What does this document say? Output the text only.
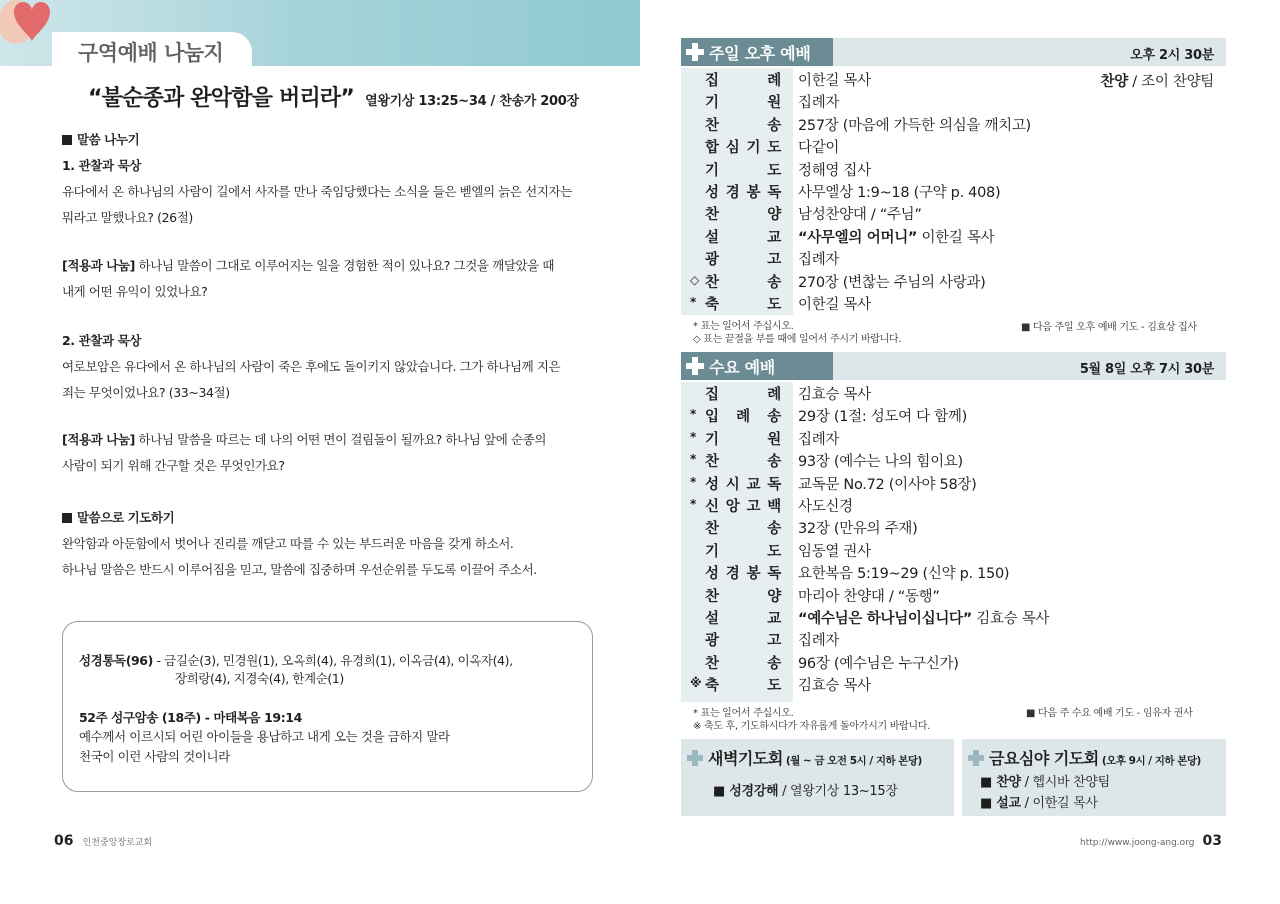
구역예배 나눔지
“불순종과 완악함을 버리라” 열왕기상 13:25~34 / 찬송가 200장
말씀 나누기
1. 관찰과 묵상
유다에서 온 하나님의 사람이 길에서 사자를 만나 죽임당했다는 소식을 들은 벧엘의 늙은 선지자는
뭐라고 말했나요? (26절)
[적용과 나눔] 하나님 말씀이 그대로 이루어지는 일을 경험한 적이 있나요? 그것을 깨달았을 때
내게 어떤 유익이 있었나요?
2. 관찰과 묵상
여로보암은 유다에서 온 하나님의 사람이 죽은 후에도 돌이키지 않았습니다. 그가 하나님께 지은
죄는 무엇이었나요? (33~34절)
[적용과 나눔] 하나님 말씀을 따르는 데 나의 어떤 면이 걸림돌이 될까요? 하나님 앞에 순종의
사람이 되기 위해 간구할 것은 무엇인가요?
말씀으로 기도하기
완악함과 아둔함에서 벗어나 진리를 깨닫고 따를 수 있는 부드러운 마음을 갖게 하소서.
하나님 말씀은 반드시 이루어짐을 믿고, 말씀에 집중하며 우선순위를 두도록 이끌어 주소서.
성경통독(96) - 금길순(3), 민경원(1), 오옥희(4), 유경희(1), 이옥금(4), 이옥자(4),
장희랑(4), 지경숙(4), 한계순(1)
52주 성구암송 (18주) - 마태복음 19:14
예수께서 이르시되 어린 아이들을 용납하고 내게 오는 것을 금하지 말라
천국이 이런 사람의 것이니라
06 인천중앙장로교회
주일 오후 예배	오후 2시 30분
찬양 / 조이 찬양팀
집	례 이한길 목사
기	원 집례자
찬	송 257장 (마음에 가득한 의심을 깨치고)
합 심 기 도 다같이
기	도 정해영 집사
성 경 봉 독 사무엘상 1:9~18 (구약 p. 408)
찬	양 남성찬양대 / “주님”
설	교 “사무엘의 어머니” 이한길 목사
광	고 집례자
◇ 찬	송 270장 (변찮는 주님의 사랑과)
* 축	도 이한길 목사
* 표는 일어서 주십시오.
◇ 표는 끝절을 부를 때에 일어서 주시기 바랍니다.
■ 다음 주일 오후 예배 기도 - 김효상 집사
수요 예배	5월 8일 오후 7시 30분
집	례 김효승 목사
* 입 례 송 29장 (1절: 성도여 다 함께)
* 기	원 집례자
* 찬	송 93장 (예수는 나의 힘이요)
* 성 시 교 독 교독문 No.72 (이사야 58장)
* 신 앙 고 백 사도신경
찬	송 32장 (만유의 주재)
기	도 임동열 권사
성 경 봉 독 요한복음 5:19~29 (신약 p. 150)
찬	양 마리아 찬양대 / “동행”
설	교 “예수님은 하나님이십니다” 김효승 목사
광	고 집례자
찬	송 96장 (예수님은 누구신가)
※ 축	도 김효승 목사
* 표는 일어서 주십시오.
※ 축도 후, 기도하시다가 자유롭게 돌아가시기 바랍니다.
■ 다음 주 수요 예배 기도 - 임유자 권사
새벽기도회 (월 ~ 금 오전 5시 / 지하 본당)
■ 성경강해 / 열왕기상 13~15장
금요심야 기도회 (오후 9시 / 지하 본당)
■ 찬양 / 헵시바 찬양팀
■ 설교 / 이한길 목사
http://www.joong-ang.org 03
